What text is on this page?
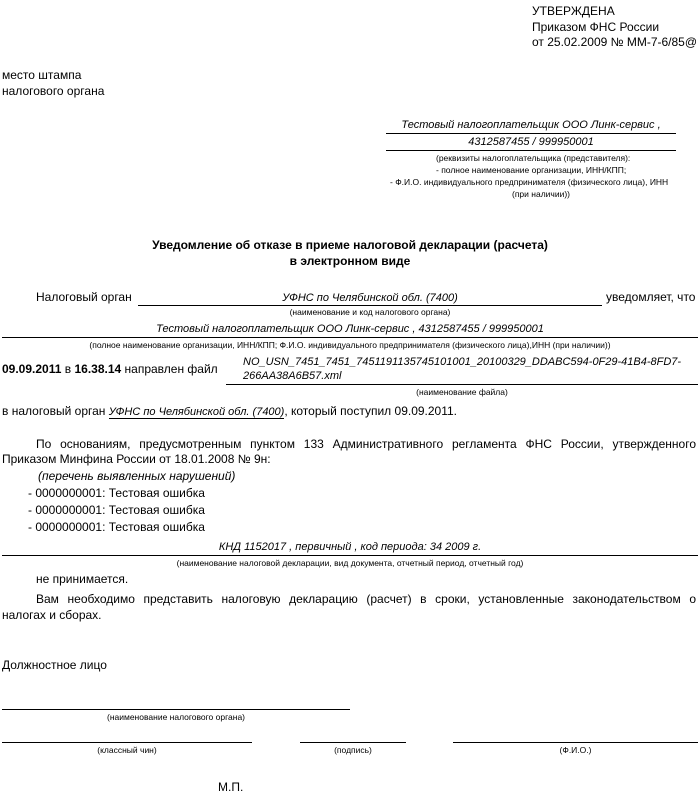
УТВЕРЖДЕНА
Приказом ФНС России
от 25.02.2009 № ММ-7-6/85@
место штампа
налогового органа
Тестовый налогоплательщик ООО Линк-сервис ,
4312587455 / 999950001
(реквизиты налогоплательщика (представителя):
- полное наименование организации, ИНН/КПП;
- Ф.И.О. индивидуального предпринимателя (физического лица), ИНН
(при наличии))
Уведомление об отказе в приеме налоговой декларации (расчета)
в электронном виде
Налоговый орган	УФНС по Челябинской обл. (7400)	уведомляет, что
(наименование и код налогового органа)
Тестовый налогоплательщик ООО Линк-сервис , 4312587455 / 999950001
(полное наименование организации, ИНН/КПП; Ф.И.О. индивидуального предпринимателя (физического лица),ИНН (при наличии))
09.09.2011 в 16.38.14 направлен файл NO_USN_7451_7451_745119113574510100​1_20100329_DDABC594-0F29-41B4-8FD7-
266AA38A6B57.xml
(наименование файла)
в налоговый орган УФНС по Челябинской обл. (7400), который поступил 09.09.2011.
По основаниям, предусмотренным пунктом 133 Административного регламента ФНС России, утвержденного
Приказом Минфина России от 18.01.2008 № 9н:
(перечень выявленных нарушений)
- 0000000001: Тестовая ошибка
- 0000000001: Тестовая ошибка
- 0000000001: Тестовая ошибка
КНД 1152017 , первичный , код периода: 34 2009 г.
(наименование налоговой декларации, вид документа, отчетный период, отчетный год)
не принимается.
Вам необходимо представить налоговую декларацию (расчет) в сроки, установленные законодательством о
налогах и сборах.
Должностное лицо
(наименование налогового органа)
(классный чин)	(подпись)	(Ф.И.О.)
М.П.
